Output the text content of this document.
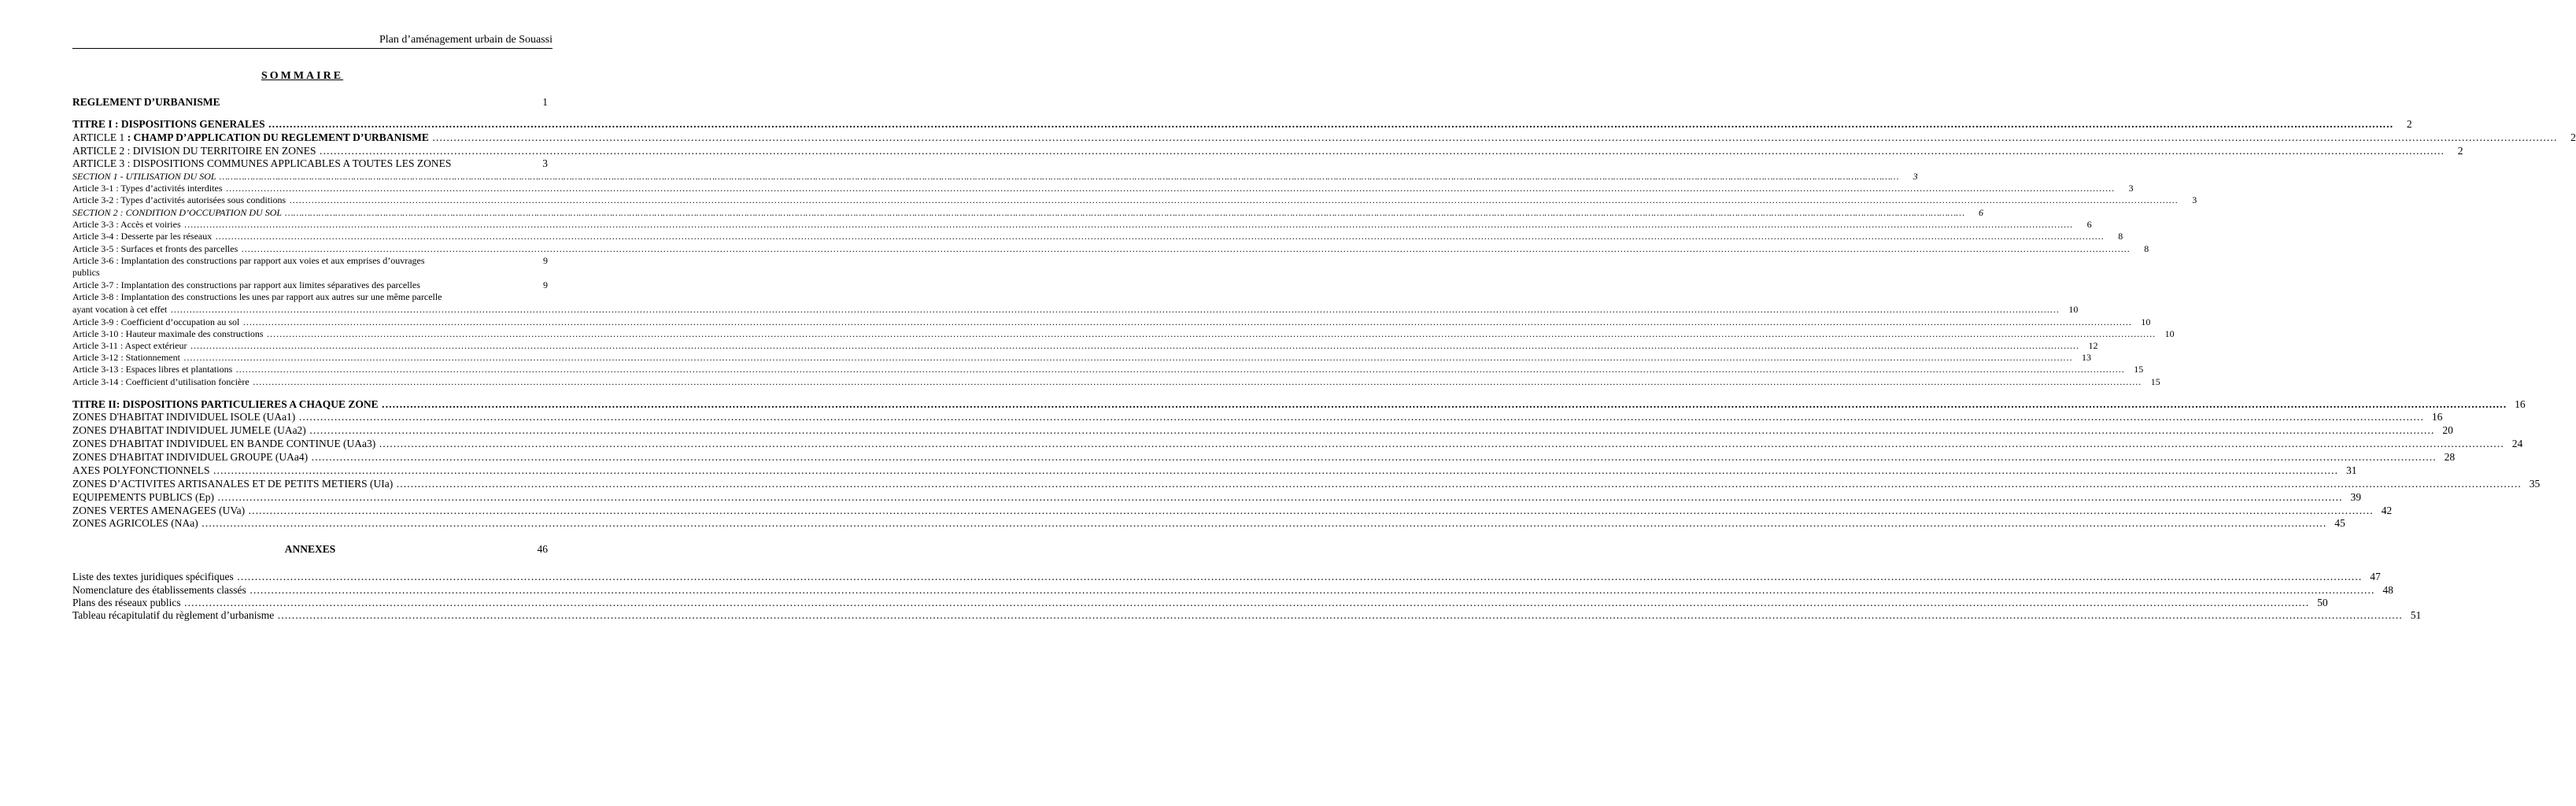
Plan d’aménagement urbain de Souassi
SOMMAIRE
REGLEMENT D’URBANISME	1
TITRE I : DISPOSITIONS GENERALES ……………………………………………………………………………………………………………………………………………………………………………………………………………………………………………………………………………………………………………………………………………………………………………………………………………………………………………………………………………………………………………………………………………………	2
ARTICLE 1 : CHAMP D’APPLICATION DU REGLEMENT D’URBANISME ……………………………………………………………………………………………………………………………………………………………………………………………………………………………………………………………………………………………………………………………………………………………………………………………………………………………………………………………………………………………………………………………………………………	2
ARTICLE 2 : DIVISION DU TERRITOIRE EN ZONES ……………………………………………………………………………………………………………………………………………………………………………………………………………………………………………………………………………………………………………………………………………………………………………………………………………………………………………………………………………………………………………………………………………………	2
ARTICLE 3 : DISPOSITIONS COMMUNES APPLICABLES A TOUTES LES ZONES	3
SECTION 1 - UTILISATION DU SOL ……………………………………………………………………………………………………………………………………………………………………………………………………………………………………………………………………………………………………………………………………………………………………………………………………………………………………………………………………………………………………………………………………………………	3
Article 3-1 : Types d’activités interdites ……………………………………………………………………………………………………………………………………………………………………………………………………………………………………………………………………………………………………………………………………………………………………………………………………………………………………………………………………………………………………………………………………………………	3
Article 3-2 : Types d’activités autorisées sous conditions ……………………………………………………………………………………………………………………………………………………………………………………………………………………………………………………………………………………………………………………………………………………………………………………………………………………………………………………………………………………………………………………………………………………	3
SECTION 2 : CONDITION D’OCCUPATION DU SOL ……………………………………………………………………………………………………………………………………………………………………………………………………………………………………………………………………………………………………………………………………………………………………………………………………………………………………………………………………………………………………………………………………………………	6
Article 3-3 : Accès et voiries ……………………………………………………………………………………………………………………………………………………………………………………………………………………………………………………………………………………………………………………………………………………………………………………………………………………………………………………………………………………………………………………………………………………	6
Article 3-4 : Desserte par les réseaux ……………………………………………………………………………………………………………………………………………………………………………………………………………………………………………………………………………………………………………………………………………………………………………………………………………………………………………………………………………………………………………………………………………………	8
Article 3-5 : Surfaces et fronts des parcelles ……………………………………………………………………………………………………………………………………………………………………………………………………………………………………………………………………………………………………………………………………………………………………………………………………………………………………………………………………………………………………………………………………………………	8
Article 3-6 : Implantation des constructions par rapport aux voies et aux emprises d’ouvrages	9
publics
Article 3-7 : Implantation des constructions par rapport aux limites séparatives des parcelles	9
Article 3-8 : Implantation des constructions les unes par rapport aux autres sur une même parcelle
ayant vocation à cet effet ……………………………………………………………………………………………………………………………………………………………………………………………………………………………………………………………………………………………………………………………………………………………………………………………………………………………………………………………………………………………………………………………………………………	10
Article 3-9 : Coefficient d’occupation au sol ……………………………………………………………………………………………………………………………………………………………………………………………………………………………………………………………………………………………………………………………………………………………………………………………………………………………………………………………………………………………………………………………………………………	10
Article 3-10 : Hauteur maximale des constructions ……………………………………………………………………………………………………………………………………………………………………………………………………………………………………………………………………………………………………………………………………………………………………………………………………………………………………………………………………………………………………………………………………………………	10
Article 3-11 : Aspect extérieur ……………………………………………………………………………………………………………………………………………………………………………………………………………………………………………………………………………………………………………………………………………………………………………………………………………………………………………………………………………………………………………………………………………………	12
Article 3-12 : Stationnement ……………………………………………………………………………………………………………………………………………………………………………………………………………………………………………………………………………………………………………………………………………………………………………………………………………………………………………………………………………………………………………………………………………………	13
Article 3-13 : Espaces libres et plantations ……………………………………………………………………………………………………………………………………………………………………………………………………………………………………………………………………………………………………………………………………………………………………………………………………………………………………………………………………………………………………………………………………………………	15
Article 3-14 : Coefficient d’utilisation foncière ……………………………………………………………………………………………………………………………………………………………………………………………………………………………………………………………………………………………………………………………………………………………………………………………………………………………………………………………………………………………………………………………………………………	15
TITRE II: DISPOSITIONS PARTICULIERES A CHAQUE ZONE …………………………………………………………………………………………………………………………………………………………………………………………………………………………………………………………………………………………………………………………………………………………………………………………………………………………………………………………………………………………………………………………………………………… 16
ZONES D'HABITAT INDIVIDUEL ISOLE (UAa1) …………………………………………………………………………………………………………………………………………………………………………………………………………………………………………………………………………………………………………………………………………………………………………………………………………………………………………………………………………………………………………………………………………………… 16
ZONES D'HABITAT INDIVIDUEL JUMELE (UAa2) …………………………………………………………………………………………………………………………………………………………………………………………………………………………………………………………………………………………………………………………………………………………………………………………………………………………………………………………………………………………………………………………………………………… 20
ZONES D'HABITAT INDIVIDUEL EN BANDE CONTINUE (UAa3) …………………………………………………………………………………………………………………………………………………………………………………………………………………………………………………………………………………………………………………………………………………………………………………………………………………………………………………………………………………………………………………………………………………… 24
ZONES D'HABITAT INDIVIDUEL GROUPE (UAa4) …………………………………………………………………………………………………………………………………………………………………………………………………………………………………………………………………………………………………………………………………………………………………………………………………………………………………………………………………………………………………………………………………………………… 28
AXES POLYFONCTIONNELS …………………………………………………………………………………………………………………………………………………………………………………………………………………………………………………………………………………………………………………………………………………………………………………………………………………………………………………………………………………………………………………………………………………… 31
ZONES D’ACTIVITES ARTISANALES ET DE PETITS METIERS (UIa) …………………………………………………………………………………………………………………………………………………………………………………………………………………………………………………………………………………………………………………………………………………………………………………………………………………………………………………………………………………………………………………………………………………… 35
EQUIPEMENTS PUBLICS (Ep) …………………………………………………………………………………………………………………………………………………………………………………………………………………………………………………………………………………………………………………………………………………………………………………………………………………………………………………………………………………………………………………………………………………… 39
ZONES VERTES AMENAGEES (UVa) …………………………………………………………………………………………………………………………………………………………………………………………………………………………………………………………………………………………………………………………………………………………………………………………………………………………………………………………………………………………………………………………………………………… 42
ZONES AGRICOLES (NAa) …………………………………………………………………………………………………………………………………………………………………………………………………………………………………………………………………………………………………………………………………………………………………………………………………………………………………………………………………………………………………………………………………………………… 45
ANNEXES	46
Liste des textes juridiques spécifiques …………………………………………………………………………………………………………………………………………………………………………………………………………………………………………………………………………………………………………………………………………………………………………………………………………………………………………………………………………………………………………………………………………………… 47
Nomenclature des établissements classés …………………………………………………………………………………………………………………………………………………………………………………………………………………………………………………………………………………………………………………………………………………………………………………………………………………………………………………………………………………………………………………………………………………… 48
Plans des réseaux publics …………………………………………………………………………………………………………………………………………………………………………………………………………………………………………………………………………………………………………………………………………………………………………………………………………………………………………………………………………………………………………………………………………………… 50
Tableau récapitulatif du règlement d’urbanisme …………………………………………………………………………………………………………………………………………………………………………………………………………………………………………………………………………………………………………………………………………………………………………………………………………………………………………………………………………………………………………………………………………………… 51
